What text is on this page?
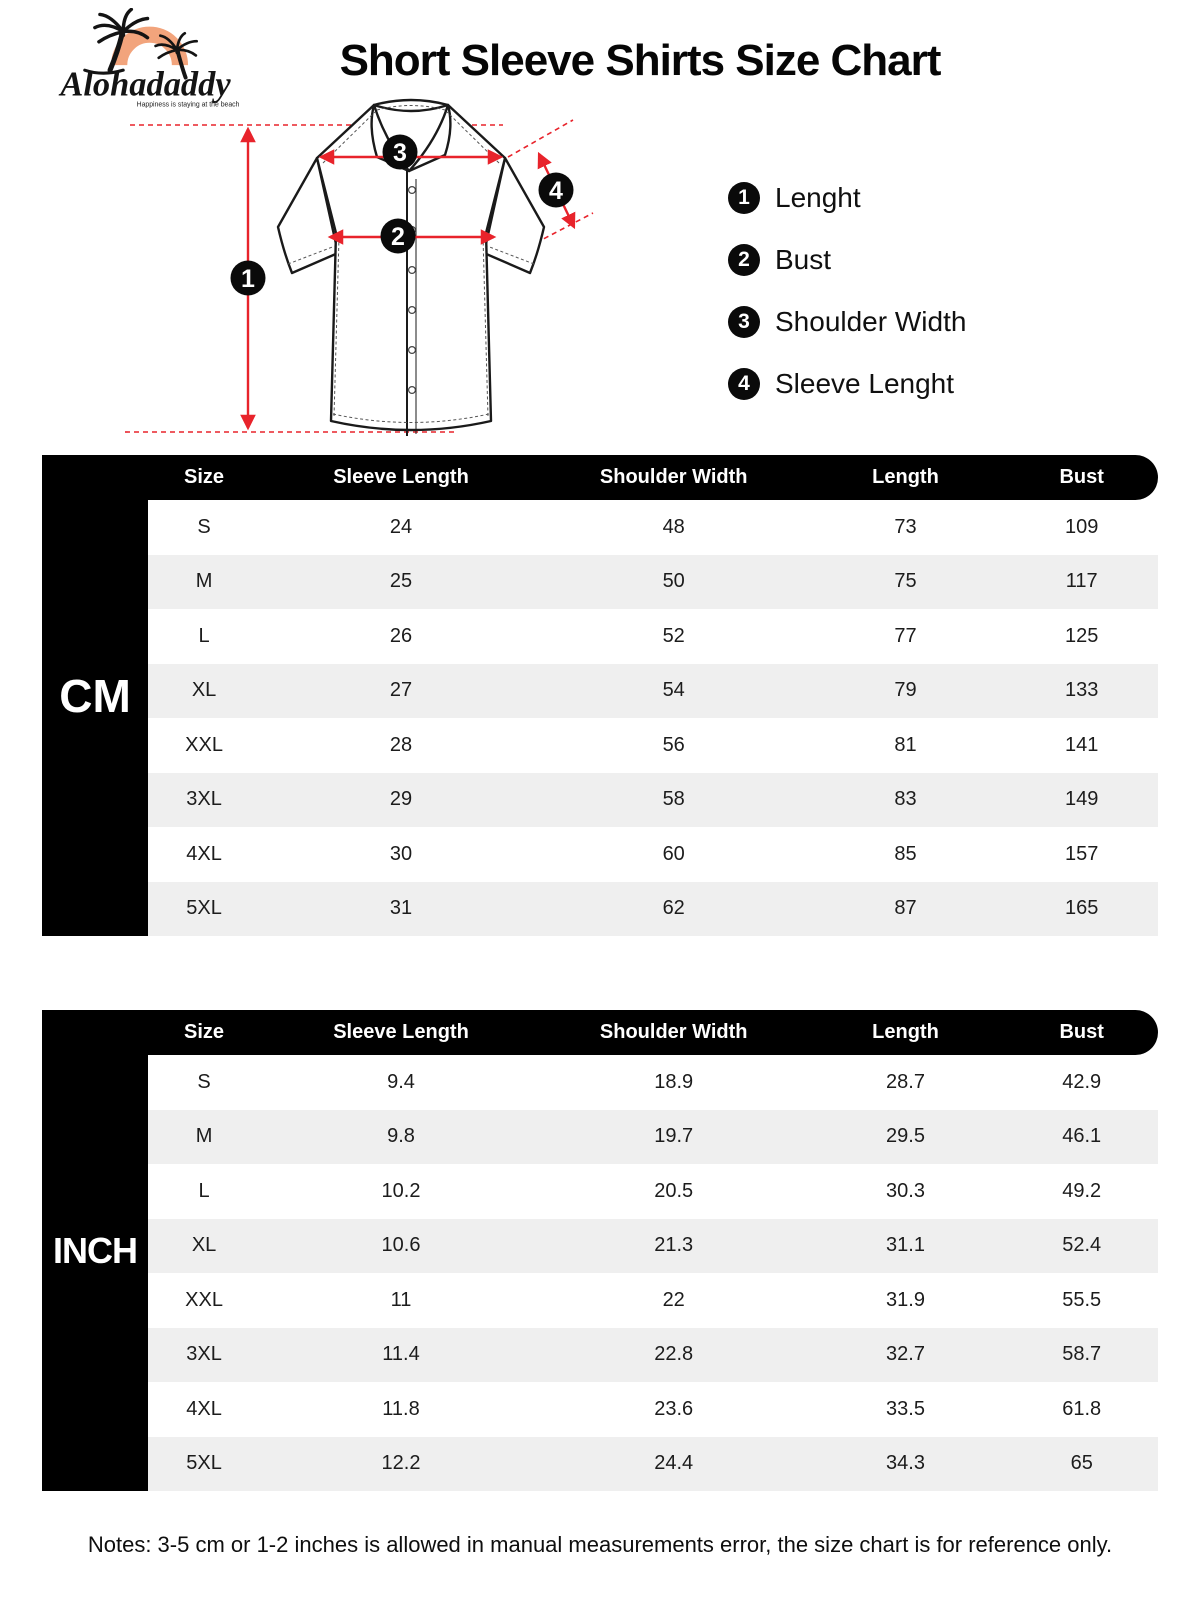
Alohadaddy
Happiness is staying at the beach
Short Sleeve Shirts Size Chart
1
2
3
4	1 Lenght
2 Bust
3 Shoulder Width
4 Sleeve Lenght
Size	Sleeve Length	Shoulder Width	Length	Bust
CM
S	24	48	73	109
M	25	50	75	117
L	26	52	77	125
XL	27	54	79	133
XXL	28	56	81	141
3XL	29	58	83	149
4XL	30	60	85	157
5XL	31	62	87	165
Size	Sleeve Length	Shoulder Width	Length	Bust
INCH
S	9.4	18.9	28.7	42.9
M	9.8	19.7	29.5	46.1
L	10.2	20.5	30.3	49.2
XL	10.6	21.3	31.1	52.4
XXL	11	22	31.9	55.5
3XL	11.4	22.8	32.7	58.7
4XL	11.8	23.6	33.5	61.8
5XL	12.2	24.4	34.3	65
Notes: 3-5 cm or 1-2 inches is allowed in manual measurements error, the size chart is for reference only.
